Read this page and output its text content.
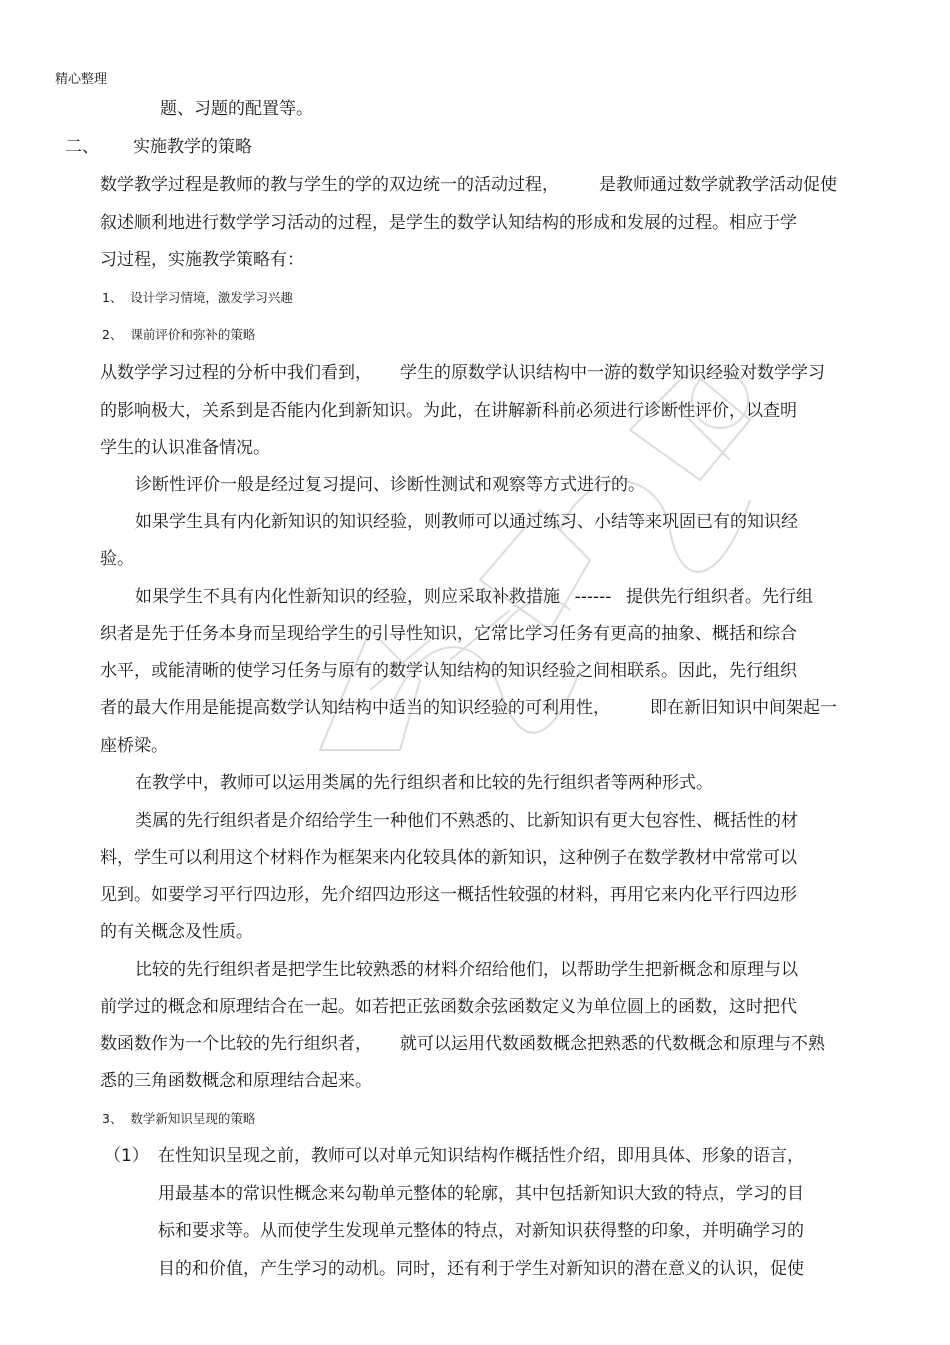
精心整理
题、习题的配置等。
二、 实施教学的策略
数学教学过程是教师的教与学生的学的双边统一的活动过程， 是教师通过数学就教学活动促使
叙述顺利地进行数学学习活动的过程，是学生的数学认知结构的形成和发展的过程。相应于学
习过程，实施教学策略有：
1、 设计学习情境，激发学习兴趣
2、 课前评价和弥补的策略
从数学学习过程的分析中我们看到， 学生的原数学认识结构中一游的数学知识经验对数学学习
的影响极大，关系到是否能内化到新知识。为此，在讲解新科前必须进行诊断性评价，以查明
学生的认识准备情况。
诊断性评价一般是经过复习提问、诊断性测试和观察等方式进行的。
如果学生具有内化新知识的知识经验，则教师可以通过练习、小结等来巩固已有的知识经
验。
如果学生不具有内化性新知识的经验，则应采取补救措施 ------ 提供先行组织者。先行组
织者是先于任务本身而呈现给学生的引导性知识，它常比学习任务有更高的抽象、概括和综合
水平，或能清晰的使学习任务与原有的数学认知结构的知识经验之间相联系。因此，先行组织
者的最大作用是能提高数学认知结构中适当的知识经验的可利用性， 即在新旧知识中间架起一
座桥梁。
在教学中，教师可以运用类属的先行组织者和比较的先行组织者等两种形式。
类属的先行组织者是介绍给学生一种他们不熟悉的、比新知识有更大包容性、概括性的材
料，学生可以利用这个材料作为框架来内化较具体的新知识，这种例子在数学教材中常常可以
见到。如要学习平行四边形，先介绍四边形这一概括性较强的材料，再用它来内化平行四边形
的有关概念及性质。
比较的先行组织者是把学生比较熟悉的材料介绍给他们，以帮助学生把新概念和原理与以
前学过的概念和原理结合在一起。如若把正弦函数余弦函数定义为单位圆上的函数，这时把代
数函数作为一个比较的先行组织者， 就可以运用代数函数概念把熟悉的代数概念和原理与不熟
悉的三角函数概念和原理结合起来。
3、 数学新知识呈现的策略
（1） 在性知识呈现之前，教师可以对单元知识结构作概括性介绍，即用具体、形象的语言，
用最基本的常识性概念来勾勒单元整体的轮廓，其中包括新知识大致的特点，学习的目
标和要求等。从而使学生发现单元整体的特点，对新知识获得整的印象，并明确学习的
目的和价值，产生学习的动机。同时，还有利于学生对新知识的潜在意义的认识，促使
